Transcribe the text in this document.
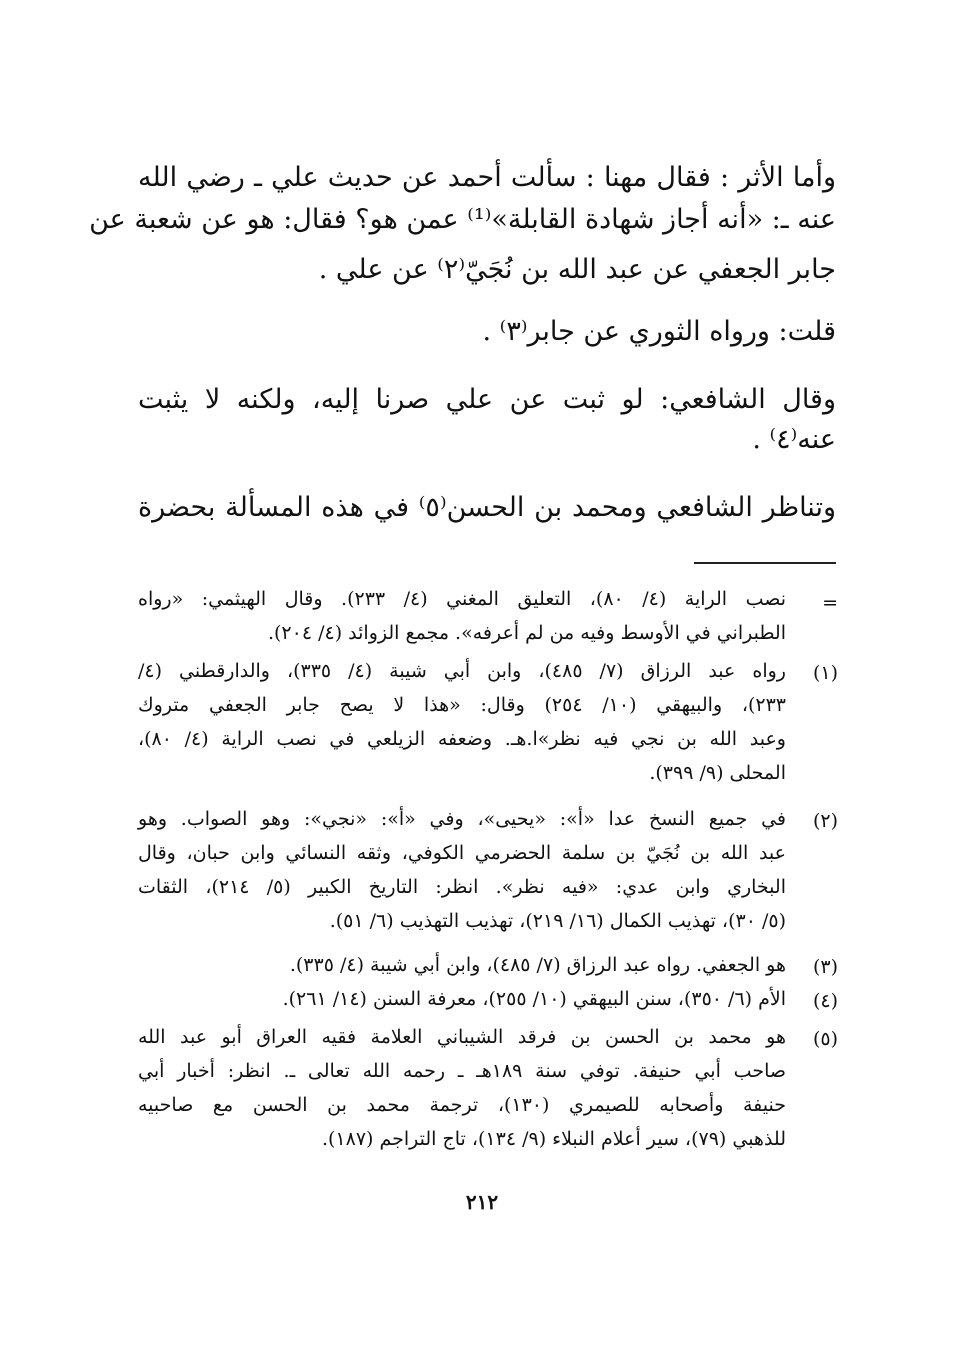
وأما الأثر : فقال مهنا : سألت أحمد عن حديث علي ـ رضي الله
عنه ـ: «أنه أجاز شهادة القابلة»⁽¹⁾ عمن هو؟ فقال: هو عن شعبة عن
جابر الجعفي عن عبد الله بن نُجَيّ⁽٢⁾ عن علي .
قلت: ورواه الثوري عن جابر⁽٣⁾ .
وقال الشافعي: لو ثبت عن علي صرنا إليه، ولكنه لا يثبت
عنه⁽٤⁾ .
وتناظر الشافعي ومحمد بن الحسن⁽٥⁾ في هذه المسألة بحضرة
=
نصب الراية (٤/ ٨٠)، التعليق المغني (٤/ ٢٣٣). وقال الهيثمي: «رواه
الطبراني في الأوسط وفيه من لم أعرفه». مجمع الزوائد (٤/ ٢٠٤).
(١)
رواه عبد الرزاق (٧/ ٤٨٥)، وابن أبي شيبة (٤/ ٣٣٥)، والدارقطني (٤/
٢٣٣)، والبيهقي (١٠/ ٢٥٤) وقال: «هذا لا يصح جابر الجعفي متروك
وعبد الله بن نجي فيه نظر»ا.هـ. وضعفه الزيلعي في نصب الراية (٤/ ٨٠)،
المحلى (٩/ ٣٩٩).
(٢)
في جميع النسخ عدا «أ»: «يحيى»، وفي «أ»: «نجي»: وهو الصواب. وهو
عبد الله بن نُجَيّ بن سلمة الحضرمي الكوفي، وثقه النسائي وابن حبان، وقال
البخاري وابن عدي: «فيه نظر». انظر: التاريخ الكبير (٥/ ٢١٤)، الثقات
(٥/ ٣٠)، تهذيب الكمال (١٦/ ٢١٩)، تهذيب التهذيب (٦/ ٥١).
(٣)
هو الجعفي. رواه عبد الرزاق (٧/ ٤٨٥)، وابن أبي شيبة (٤/ ٣٣٥).
(٤)
الأم (٦/ ٣٥٠)، سنن البيهقي (١٠/ ٢٥٥)، معرفة السنن (١٤/ ٢٦١).
(٥)
هو محمد بن الحسن بن فرقد الشيباني العلامة فقيه العراق أبو عبد الله
صاحب أبي حنيفة. توفي سنة ١٨٩هـ ـ رحمه الله تعالى ـ. انظر: أخبار أبي
حنيفة وأصحابه للصيمري (١٣٠)، ترجمة محمد بن الحسن مع صاحبيه
للذهبي (٧٩)، سير أعلام النبلاء (٩/ ١٣٤)، تاج التراجم (١٨٧).
٢١٢
